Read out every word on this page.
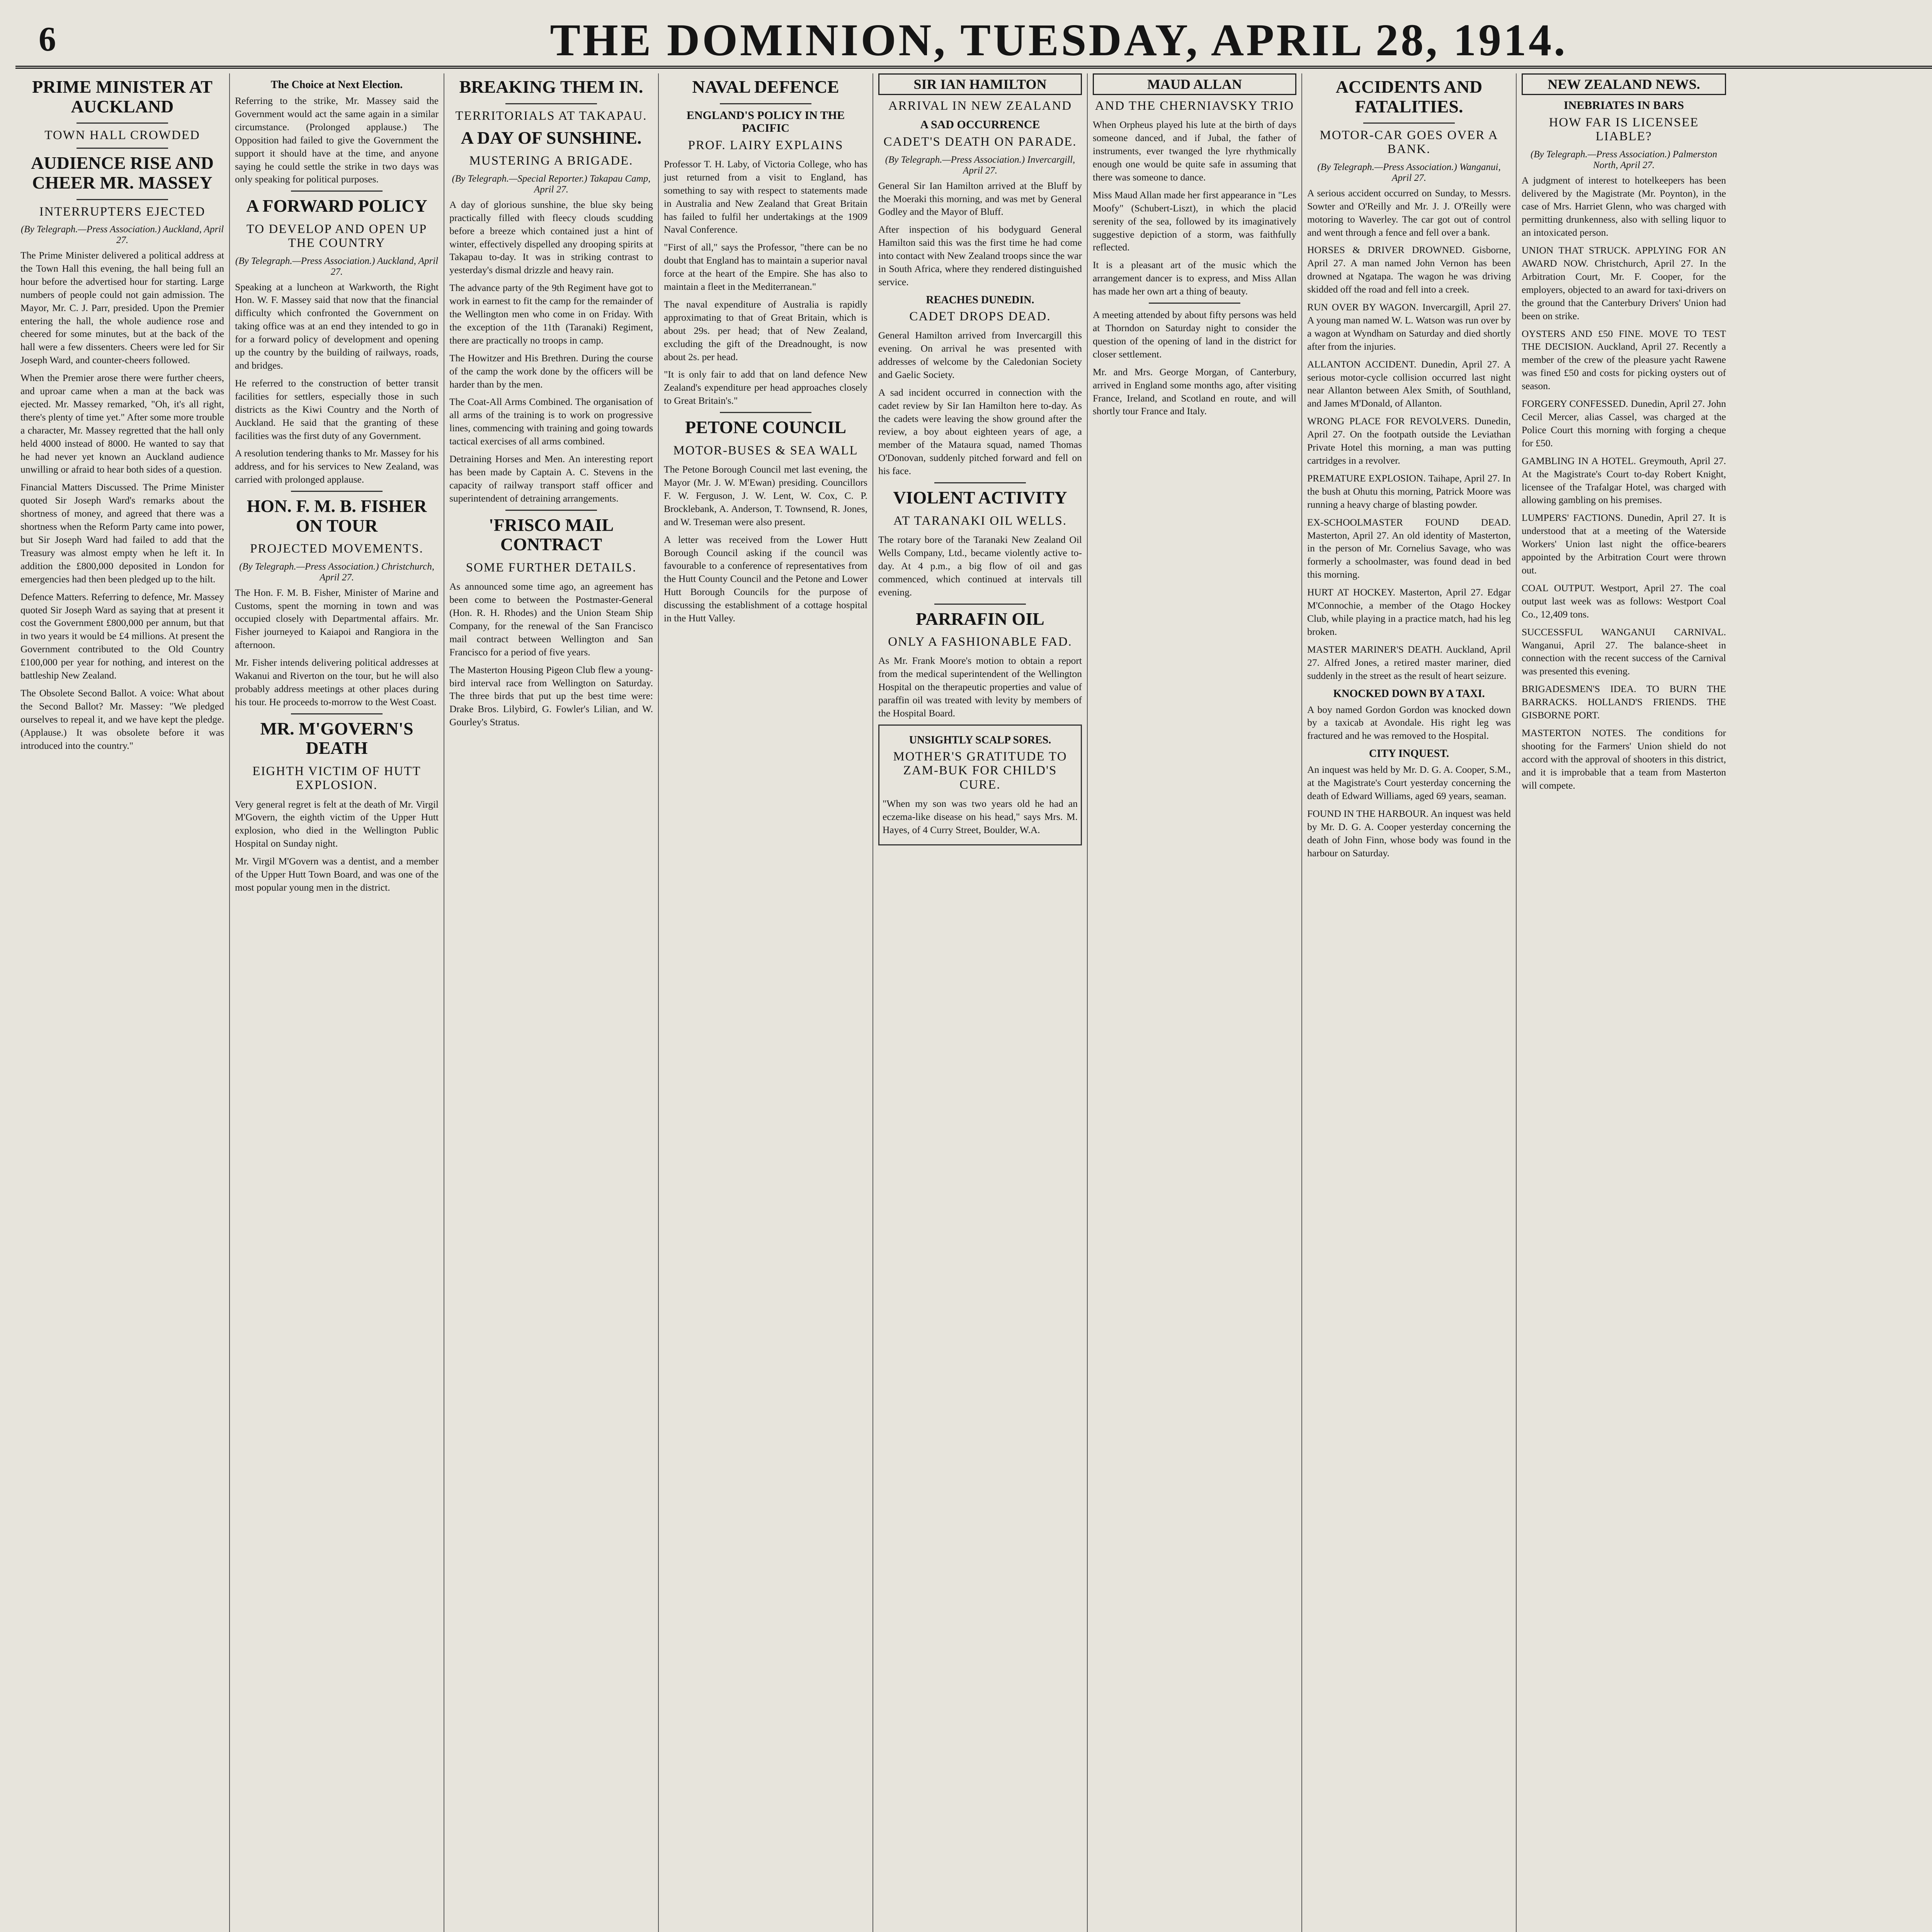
6	THE DOMINION, TUESDAY, APRIL 28, 1914.
PRIME MINISTER AT AUCKLAND
TOWN HALL CROWDED
AUDIENCE RISE AND CHEER MR. MASSEY
INTERRUPTERS EJECTED
(By Telegraph.—Press Association.) Auckland, April 27.

The Prime Minister delivered a political address at the Town Hall this evening, the hall being full an hour before the advertised hour for starting. Large numbers of people could not gain admission. The Mayor, Mr. C. J. Parr, presided. Upon the Premier entering the hall, the whole audience rose and cheered for some minutes, but at the back of the hall were a few dissenters. Cheers were led for Sir Joseph Ward, and counter-cheers followed.

When the Premier arose there were further cheers, and uproar came when a man at the back was ejected. Mr. Massey remarked, "Oh, it's all right, there's plenty of time yet." After some more trouble a character, Mr. Massey regretted that the hall only held 4000 instead of 8000. He wanted to say that he had never yet known an Auckland audience unwilling or afraid to hear both sides of a question.

Financial Matters Discussed. The Prime Minister quoted Sir Joseph Ward's remarks about the shortness of money, and agreed that there was a shortness when the Reform Party came into power, but Sir Joseph Ward had failed to add that the Treasury was almost empty when he left it. In addition the £800,000 deposited in London for emergencies had then been pledged up to the hilt.

Defence Matters. Referring to defence, Mr. Massey quoted Sir Joseph Ward as saying that at present it cost the Government £800,000 per annum, but that in two years it would be £4 millions. At present the Government contributed to the Old Country £100,000 per year for nothing, and interest on the battleship New Zealand.

The Obsolete Second Ballot. A voice: What about the Second Ballot? Mr. Massey: "We pledged ourselves to repeal it, and we have kept the pledge. (Applause.) It was obsolete before it was introduced into the country."

The Choice at Next Election.

Referring to the strike, Mr. Massey said the Government would act the same again in a similar circumstance. (Prolonged applause.) The Opposition had failed to give the Government the support it should have at the time, and anyone saying he could settle the strike in two days was only speaking for political purposes.

A FORWARD POLICY
TO DEVELOP AND OPEN UP THE COUNTRY
(By Telegraph.—Press Association.) Auckland, April 27.

Speaking at a luncheon at Warkworth, the Right Hon. W. F. Massey said that now that the financial difficulty which confronted the Government on taking office was at an end they intended to go in for a forward policy of development and opening up the country by the building of railways, roads, and bridges.

He referred to the construction of better transit facilities for settlers, especially those in such districts as the Kiwi Country and the North of Auckland. He said that the granting of these facilities was the first duty of any Government.

A resolution tendering thanks to Mr. Massey for his address, and for his services to New Zealand, was carried with prolonged applause.

HON. F. M. B. FISHER ON TOUR
PROJECTED MOVEMENTS.
(By Telegraph.—Press Association.) Christchurch, April 27.

The Hon. F. M. B. Fisher, Minister of Marine and Customs, spent the morning in town and was occupied closely with Departmental affairs. Mr. Fisher journeyed to Kaiapoi and Rangiora in the afternoon.

Mr. Fisher intends delivering political addresses at Wakanui and Riverton on the tour, but he will also probably address meetings at other places during his tour. He proceeds to-morrow to the West Coast.

MR. M'GOVERN'S DEATH
EIGHTH VICTIM OF HUTT EXPLOSION.

Very general regret is felt at the death of Mr. Virgil M'Govern, the eighth victim of the Upper Hutt explosion, who died in the Wellington Public Hospital on Sunday night.

Mr. Virgil M'Govern was a dentist, and a member of the Upper Hutt Town Board, and was one of the most popular young men in the district.

BREAKING THEM IN.
TERRITORIALS AT TAKAPAU.
A DAY OF SUNSHINE.
MUSTERING A BRIGADE.
(By Telegraph.—Special Reporter.) Takapau Camp, April 27.

A day of glorious sunshine, the blue sky being practically filled with fleecy clouds scudding before a breeze which contained just a hint of winter, effectively dispelled any drooping spirits at Takapau to-day. It was in striking contrast to yesterday's dismal drizzle and heavy rain.

The advance party of the 9th Regiment have got to work in earnest to fit the camp for the remainder of the Wellington men who come in on Friday. With the exception of the 11th (Taranaki) Regiment, there are practically no troops in camp.

The Howitzer and His Brethren. During the course of the camp the work done by the officers will be harder than by the men.

The Coat-All Arms Combined. The organisation of all arms of the training is to work on progressive lines, commencing with training and going towards tactical exercises of all arms combined.

Detraining Horses and Men. An interesting report has been made by Captain A. C. Stevens in the capacity of railway transport staff officer and superintendent of detraining arrangements.

'FRISCO MAIL CONTRACT
SOME FURTHER DETAILS.

As announced some time ago, an agreement has been come to between the Postmaster-General (Hon. R. H. Rhodes) and the Union Steam Ship Company, for the renewal of the San Francisco mail contract between Wellington and San Francisco for a period of five years.

The Masterton Housing Pigeon Club flew a young-bird interval race from Wellington on Saturday. The three birds that put up the best time were: Drake Bros. Lilybird, G. Fowler's Lilian, and W. Gourley's Stratus.

NAVAL DEFENCE
ENGLAND'S POLICY IN THE PACIFIC
PROF. LAIRY EXPLAINS

Professor T. H. Laby, of Victoria College, who has just returned from a visit to England, has something to say with respect to statements made in Australia and New Zealand that Great Britain has failed to fulfil her undertakings at the 1909 Naval Conference.

"First of all," says the Professor, "there can be no doubt that England has to maintain a superior naval force at the heart of the Empire. She has also to maintain a fleet in the Mediterranean."

The naval expenditure of Australia is rapidly approximating to that of Great Britain, which is about 29s. per head; that of New Zealand, excluding the gift of the Dreadnought, is now about 2s. per head.

"It is only fair to add that on land defence New Zealand's expenditure per head approaches closely to Great Britain's."

PETONE COUNCIL
MOTOR-BUSES & SEA WALL

The Petone Borough Council met last evening, the Mayor (Mr. J. W. M'Ewan) presiding. Councillors F. W. Ferguson, J. W. Lent, W. Cox, C. P. Brocklebank, A. Anderson, T. Townsend, R. Jones, and W. Treseman were also present.

A letter was received from the Lower Hutt Borough Council asking if the council was favourable to a conference of representatives from the Hutt County Council and the Petone and Lower Hutt Borough Councils for the purpose of discussing the establishment of a cottage hospital in the Hutt Valley.

SIR IAN HAMILTON
ARRIVAL IN NEW ZEALAND
A SAD OCCURRENCE
CADET'S DEATH ON PARADE.
(By Telegraph.—Press Association.) Invercargill, April 27.

General Sir Ian Hamilton arrived at the Bluff by the Moeraki this morning, and was met by General Godley and the Mayor of Bluff.

After inspection of his bodyguard General Hamilton said this was the first time he had come into contact with New Zealand troops since the war in South Africa, where they rendered distinguished service.

REACHES DUNEDIN.
CADET DROPS DEAD.

General Hamilton arrived from Invercargill this evening. On arrival he was presented with addresses of welcome by the Caledonian Society and Gaelic Society.

A sad incident occurred in connection with the cadet review by Sir Ian Hamilton here to-day. As the cadets were leaving the show ground after the review, a boy about eighteen years of age, a member of the Mataura squad, named Thomas O'Donovan, suddenly pitched forward and fell on his face.

VIOLENT ACTIVITY
AT TARANAKI OIL WELLS.

The rotary bore of the Taranaki New Zealand Oil Wells Company, Ltd., became violently active to-day. At 4 p.m., a big flow of oil and gas commenced, which continued at intervals till evening.

PARRAFIN OIL
ONLY A FASHIONABLE FAD.

As Mr. Frank Moore's motion to obtain a report from the medical superintendent of the Wellington Hospital on the therapeutic properties and value of paraffin oil was treated with levity by members of the Hospital Board.

UNSIGHTLY SCALP SORES.
MOTHER'S GRATITUDE TO ZAM-BUK FOR CHILD'S CURE.

"When my son was two years old he had an eczema-like disease on his head," says Mrs. M. Hayes, of 4 Curry Street, Boulder, W.A.

MAUD ALLAN
AND THE CHERNIAVSKY TRIO

When Orpheus played his lute at the birth of days someone danced, and if Jubal, the father of instruments, ever twanged the lyre rhythmically enough one would be quite safe in assuming that there was someone to dance.

Miss Maud Allan made her first appearance in "Les Moofy" (Schubert-Liszt), in which the placid serenity of the sea, followed by its imaginatively suggestive depiction of a storm, was faithfully reflected.

It is a pleasant art of the music which the arrangement dancer is to express, and Miss Allan has made her own art a thing of beauty.

A meeting attended by about fifty persons was held at Thorndon on Saturday night to consider the question of the opening of land in the district for closer settlement.

Mr. and Mrs. George Morgan, of Canterbury, arrived in England some months ago, after visiting France, Ireland, and Scotland en route, and will shortly tour France and Italy.

ACCIDENTS AND FATALITIES.
MOTOR-CAR GOES OVER A BANK.
(By Telegraph.—Press Association.) Wanganui, April 27.

A serious accident occurred on Sunday, to Messrs. Sowter and O'Reilly and Mr. J. J. O'Reilly were motoring to Waverley. The car got out of control and went through a fence and fell over a bank.

HORSES & DRIVER DROWNED. Gisborne, April 27. A man named John Vernon has been drowned at Ngatapa. The wagon he was driving skidded off the road and fell into a creek.

RUN OVER BY WAGON. Invercargill, April 27. A young man named W. L. Watson was run over by a wagon at Wyndham on Saturday and died shortly after from the injuries.

ALLANTON ACCIDENT. Dunedin, April 27. A serious motor-cycle collision occurred last night near Allanton between Alex Smith, of Southland, and James M'Donald, of Allanton.

WRONG PLACE FOR REVOLVERS. Dunedin, April 27. On the footpath outside the Leviathan Private Hotel this morning, a man was putting cartridges in a revolver.

PREMATURE EXPLOSION. Taihape, April 27. In the bush at Ohutu this morning, Patrick Moore was running a heavy charge of blasting powder.

EX-SCHOOLMASTER FOUND DEAD. Masterton, April 27. An old identity of Masterton, in the person of Mr. Cornelius Savage, who was formerly a schoolmaster, was found dead in bed this morning.

HURT AT HOCKEY. Masterton, April 27. Edgar M'Connochie, a member of the Otago Hockey Club, while playing in a practice match, had his leg broken.

MASTER MARINER'S DEATH. Auckland, April 27. Alfred Jones, a retired master mariner, died suddenly in the street as the result of heart seizure.

KNOCKED DOWN BY A TAXI.

A boy named Gordon Gordon was knocked down by a taxicab at Avondale. His right leg was fractured and he was removed to the Hospital.

CITY INQUEST.

An inquest was held by Mr. D. G. A. Cooper, S.M., at the Magistrate's Court yesterday concerning the death of Edward Williams, aged 69 years, seaman.

FOUND IN THE HARBOUR. An inquest was held by Mr. D. G. A. Cooper yesterday concerning the death of John Finn, whose body was found in the harbour on Saturday.

NEW ZEALAND NEWS.
INEBRIATES IN BARS
HOW FAR IS LICENSEE LIABLE?
(By Telegraph.—Press Association.) Palmerston North, April 27.

A judgment of interest to hotelkeepers has been delivered by the Magistrate (Mr. Poynton), in the case of Mrs. Harriet Glenn, who was charged with permitting drunkenness, also with selling liquor to an intoxicated person.

UNION THAT STRUCK. APPLYING FOR AN AWARD NOW. Christchurch, April 27. In the Arbitration Court, Mr. F. Cooper, for the employers, objected to an award for taxi-drivers on the ground that the Canterbury Drivers' Union had been on strike.

OYSTERS AND £50 FINE. MOVE TO TEST THE DECISION. Auckland, April 27. Recently a member of the crew of the pleasure yacht Rawene was fined £50 and costs for picking oysters out of season.

FORGERY CONFESSED. Dunedin, April 27. John Cecil Mercer, alias Cassel, was charged at the Police Court this morning with forging a cheque for £50.

GAMBLING IN A HOTEL. Greymouth, April 27. At the Magistrate's Court to-day Robert Knight, licensee of the Trafalgar Hotel, was charged with allowing gambling on his premises.

LUMPERS' FACTIONS. Dunedin, April 27. It is understood that at a meeting of the Waterside Workers' Union last night the office-bearers appointed by the Arbitration Court were thrown out.

COAL OUTPUT. Westport, April 27. The coal output last week was as follows: Westport Coal Co., 12,409 tons.

SUCCESSFUL WANGANUI CARNIVAL. Wanganui, April 27. The balance-sheet in connection with the recent success of the Carnival was presented this evening.

BRIGADESMEN'S IDEA. TO BURN THE BARRACKS. HOLLAND'S FRIENDS. THE GISBORNE PORT.

MASTERTON NOTES. The conditions for shooting for the Farmers' Union shield do not accord with the approval of shooters in this district, and it is improbable that a team from Masterton will compete.
